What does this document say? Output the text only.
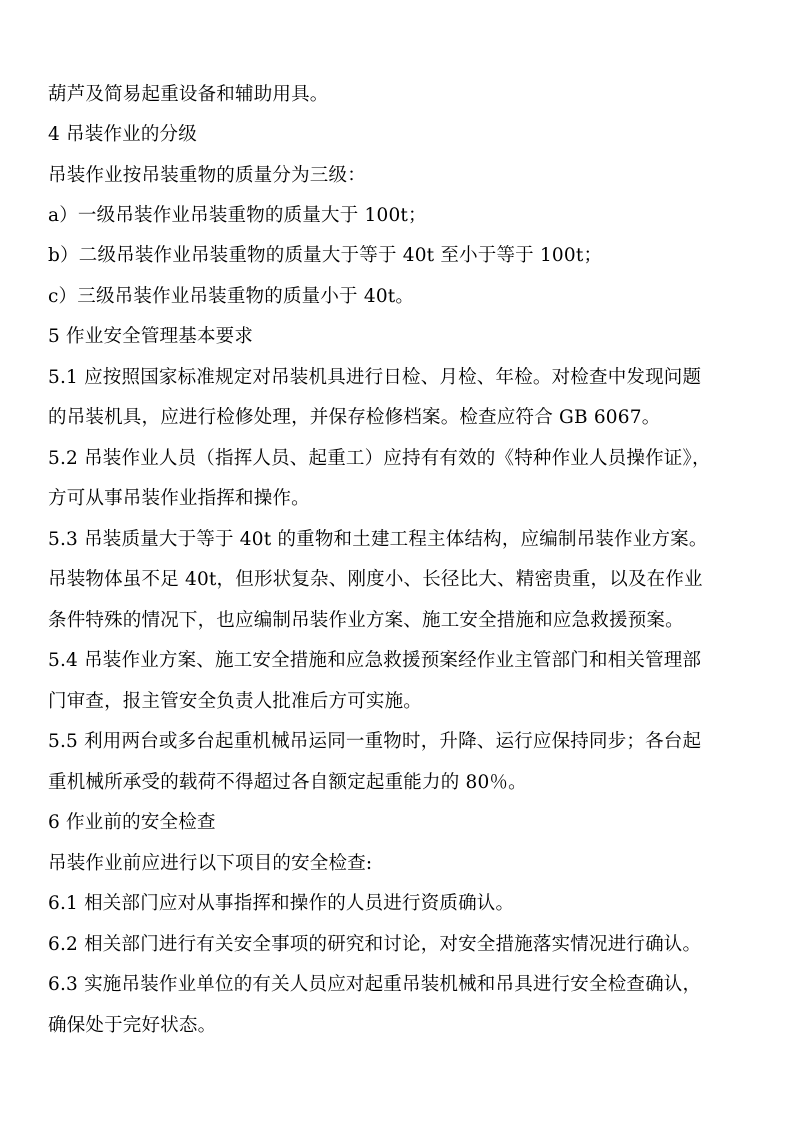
葫芦及简易起重设备和辅助用具。
4 吊装作业的分级
吊装作业按吊装重物的质量分为三级：
a）一级吊装作业吊装重物的质量大于 100t；
b）二级吊装作业吊装重物的质量大于等于 40t 至小于等于 100t；
c）三级吊装作业吊装重物的质量小于 40t。
5 作业安全管理基本要求
5.1 应按照国家标准规定对吊装机具进行日检、月检、年检。对检查中发现问题
的吊装机具，应进行检修处理，并保存检修档案。检查应符合 GB 6067。
5.2 吊装作业人员（指挥人员、起重工）应持有有效的《特种作业人员操作证》，
方可从事吊装作业指挥和操作。
5.3 吊装质量大于等于 40t 的重物和土建工程主体结构，应编制吊装作业方案。
吊装物体虽不足 40t，但形状复杂、刚度小、长径比大、精密贵重，以及在作业
条件特殊的情况下，也应编制吊装作业方案、施工安全措施和应急救援预案。
5.4 吊装作业方案、施工安全措施和应急救援预案经作业主管部门和相关管理部
门审查，报主管安全负责人批准后方可实施。
5.5 利用两台或多台起重机械吊运同一重物时，升降、运行应保持同步；各台起
重机械所承受的载荷不得超过各自额定起重能力的 80％。
6 作业前的安全检查
吊装作业前应进行以下项目的安全检查:
6.1 相关部门应对从事指挥和操作的人员进行资质确认。
6.2 相关部门进行有关安全事项的研究和讨论，对安全措施落实情况进行确认。
6.3 实施吊装作业单位的有关人员应对起重吊装机械和吊具进行安全检查确认，
确保处于完好状态。
